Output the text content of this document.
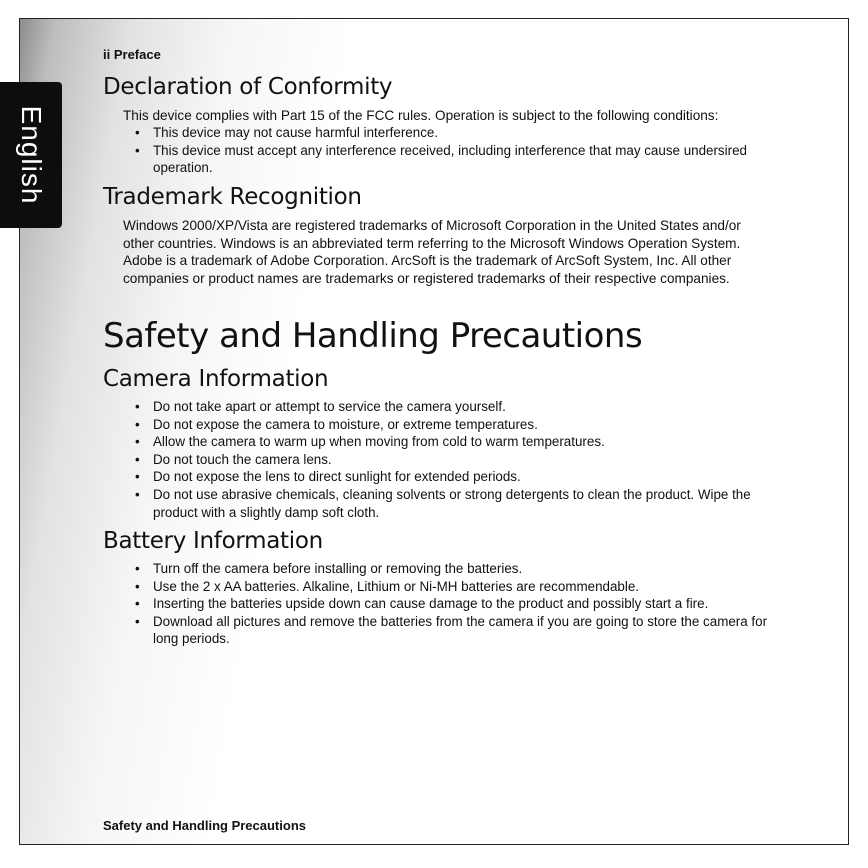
English
ii Preface
Declaration of Conformity

This device complies with Part 15 of the FCC rules. Operation is subject to the following conditions:

• This device may not cause harmful interference.
• This device must accept any interference received, including interference that may cause undersired operation.
Trademark Recognition

Windows 2000/XP/Vista are registered trademarks of Microsoft Corporation in the United States and/or other countries. Windows is an abbreviated term referring to the Microsoft Windows Operation System. Adobe is a trademark of Adobe Corporation. ArcSoft is the trademark of ArcSoft System, Inc. All other companies or product names are trademarks or registered trademarks of their respective companies.

Safety and Handling Precautions
Camera Information
• Do not take apart or attempt to service the camera yourself.
• Do not expose the camera to moisture, or extreme temperatures.
• Allow the camera to warm up when moving from cold to warm temperatures.
• Do not touch the camera lens.
• Do not expose the lens to direct sunlight for extended periods.
• Do not use abrasive chemicals, cleaning solvents or strong detergents to clean the product. Wipe the product with a slightly damp soft cloth.
Battery Information
• Turn off the camera before installing or removing the batteries.
• Use the 2 x AA batteries. Alkaline, Lithium or Ni-MH batteries are recommendable.
• Inserting the batteries upside down can cause damage to the product and possibly start a fire.
• Download all pictures and remove the batteries from the camera if you are going to store the camera for long periods.
Safety and Handling Precautions
